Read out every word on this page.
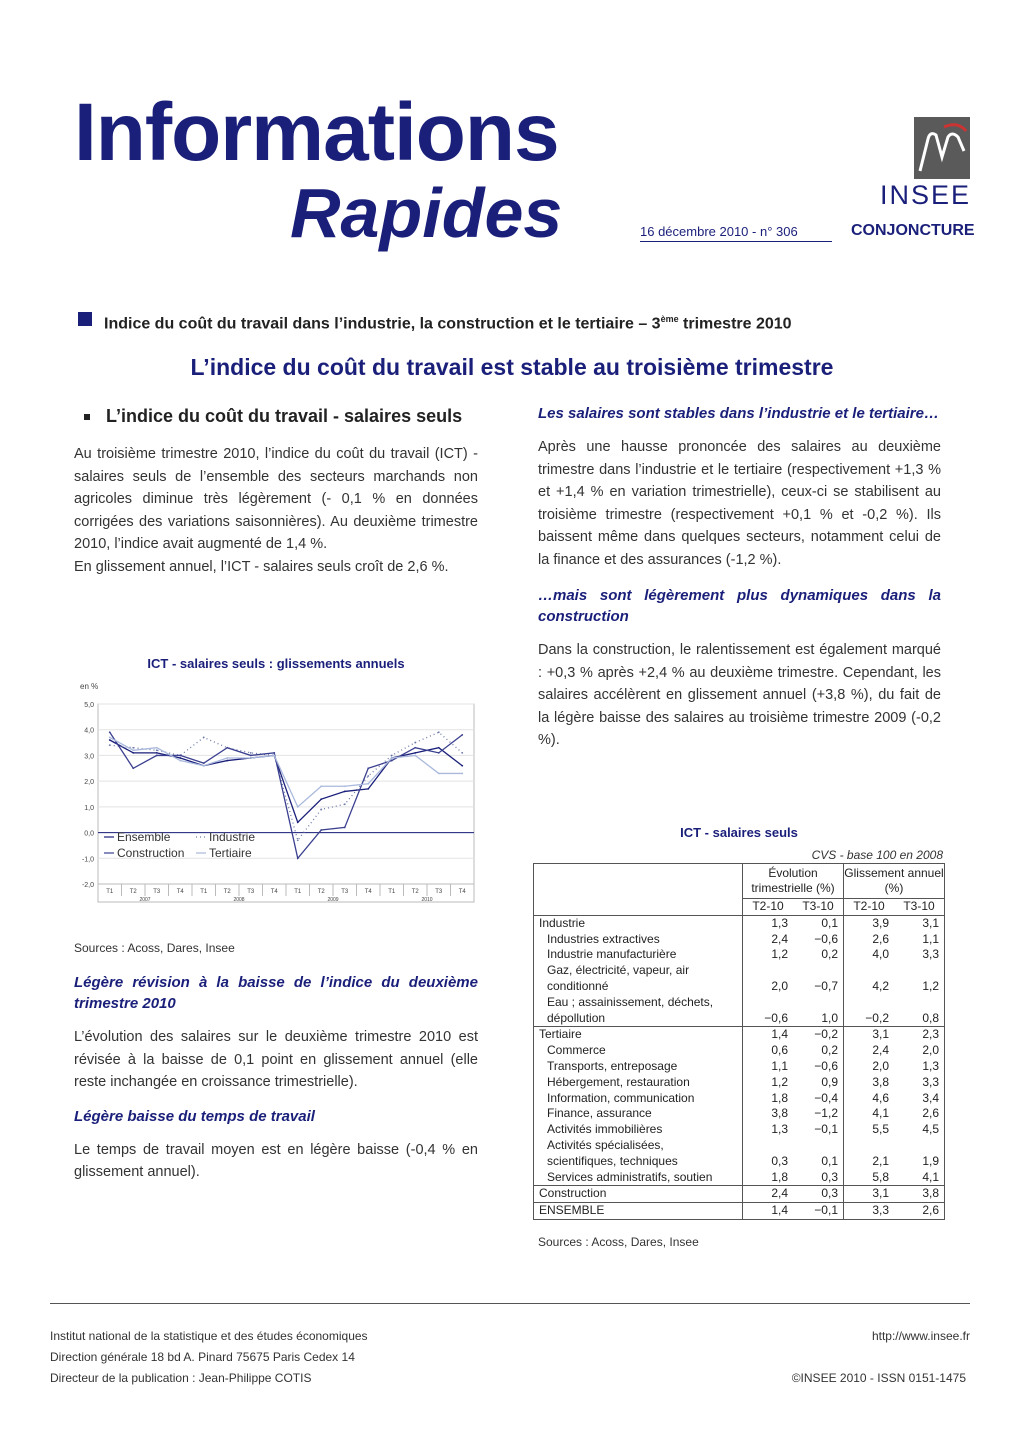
Informations
Rapides	16 décembre 2010 - n° 306
INSEE
CONJONCTURE
Indice du coût du travail dans l’industrie, la construction et le tertiaire – 3ème trimestre 2010
L’indice du coût du travail est stable au troisième trimestre
L’indice du coût du travail - salaires seuls
Au troisième trimestre 2010, l’indice du coût du travail (ICT) - salaires seuls de l’ensemble des secteurs marchands non agricoles diminue très légèrement (- 0,1 % en données corrigées des variations saisonnières). Au deuxième trimestre 2010, l’indice avait augmenté de 1,4 %.
En glissement annuel, l’ICT - salaires seuls croît de 2,6 %.
ICT - salaires seuls : glissements annuels
en %
5,0
4,0
3,0
2,0
1,0
0,0
-1,0
-2,0
T1	T2	T3	T4	T1	T2	T3	T4	T1	T2	T3	T4	T1	T2	T3	T4
2007	2008	2009	2010
Ensemble	Industrie
Construction Tertiaire
Sources : Acoss, Dares, Insee
Légère révision à la baisse de l’indice du deuxième trimestre 2010
L’évolution des salaires sur le deuxième trimestre 2010 est révisée à la baisse de 0,1 point en glissement annuel (elle reste inchangée en croissance trimestrielle).
Légère baisse du temps de travail
Le temps de travail moyen est en légère baisse (-0,4 % en glissement annuel).
Les salaires sont stables dans l’industrie et le tertiaire…
Après une hausse prononcée des salaires au deuxième trimestre dans l’industrie et le tertiaire (respectivement +1,3 % et +1,4 % en variation trimestrielle), ceux-ci se stabilisent au troisième trimestre (respectivement +0,1 % et -0,2 %). Ils baissent même dans quelques secteurs, notamment celui de la finance et des assurances (-1,2 %).
…mais sont légèrement plus dynamiques dans la construction
Dans la construction, le ralentissement est également marqué : +0,3 % après +2,4 % au deuxième trimestre. Cependant, les salaires accélèrent en glissement annuel (+3,8 %), du fait de la légère baisse des salaires au troisième trimestre 2009 (-0,2 %).
ICT - salaires seuls
CVS - base 100 en 2008
	Évolution trimestrielle (%)		Glissement annuel (%)	
	T2-10	T3-10	T2-10	T3-10
Industrie	1,3	0,1	3,9	3,1
Industries extractives	2,4	−0,6	2,6	1,1
Industrie manufacturière	1,2	0,2	4,0	3,3
Gaz, électricité, vapeur, air conditionné	2,0	−0,7	4,2	1,2
Eau ; assainissement, déchets, dépollution	−0,6	1,0	−0,2	0,8
Tertiaire	1,4	−0,2	3,1	2,3
Commerce	0,6	0,2	2,4	2,0
Transports, entreposage	1,1	−0,6	2,0	1,3
Hébergement, restauration	1,2	0,9	3,8	3,3
Information, communication	1,8	−0,4	4,6	3,4
Finance, assurance	3,8	−1,2	4,1	2,6
Activités immobilières	1,3	−0,1	5,5	4,5
Activités spécialisées, scientifiques, techniques	0,3	0,1	2,1	1,9
Services administratifs, soutien	1,8	0,3	5,8	4,1
Construction	2,4	0,3	3,1	3,8
ENSEMBLE	1,4	−0,1	3,3	2,6
Sources : Acoss, Dares, Insee
Institut national de la statistique et des études économiques
Direction générale 18 bd A. Pinard 75675 Paris Cedex 14
Directeur de la publication : Jean-Philippe COTIS
http://www.insee.fr
©INSEE 2010 - ISSN 0151-1475
